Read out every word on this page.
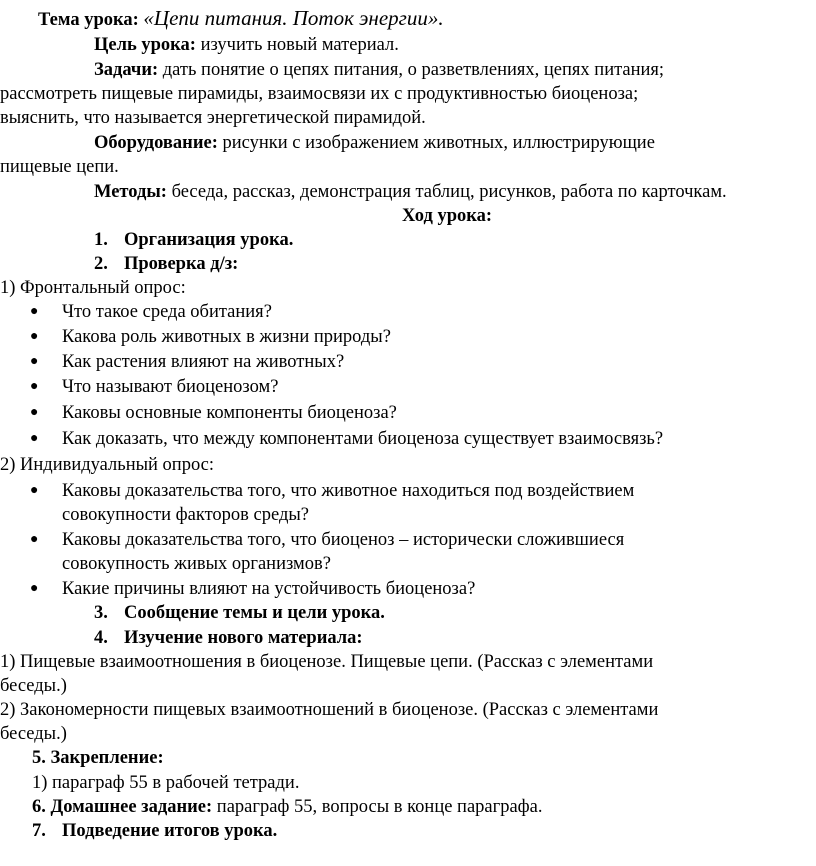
Тема урока: «Цепи питания. Поток энергии».
Цель урока: изучить новый материал.
Задачи: дать понятие о цепях питания, о разветвлениях, цепях питания;
рассмотреть пищевые пирамиды, взаимосвязи их с продуктивностью биоценоза;
выяснить, что называется энергетической пирамидой.
Оборудование: рисунки с изображением животных, иллюстрирующие
пищевые цепи.
Методы: беседа, рассказ, демонстрация таблиц, рисунков, работа по карточкам.
Ход урока:
1. Организация урока.
2. Проверка д/з:
1) Фронтальный опрос:
● Что такое среда обитания?
● Какова роль животных в жизни природы?
● Как растения влияют на животных?
● Что называют биоценозом?
● Каковы основные компоненты биоценоза?
● Как доказать, что между компонентами биоценоза существует взаимосвязь?
2) Индивидуальный опрос:
● Каковы доказательства того, что животное находиться под воздействием
совокупности факторов среды?
● Каковы доказательства того, что биоценоз – исторически сложившиеся
совокупность живых организмов?
● Какие причины влияют на устойчивость биоценоза?
3. Сообщение темы и цели урока.
4. Изучение нового материала:
1) Пищевые взаимоотношения в биоценозе. Пищевые цепи. (Рассказ с элементами
беседы.)
2) Закономерности пищевых взаимоотношений в биоценозе. (Рассказ с элементами
беседы.)
5. Закрепление:
1) параграф 55 в рабочей тетради.
6. Домашнее задание: параграф 55, вопросы в конце параграфа.
7. Подведение итогов урока.
